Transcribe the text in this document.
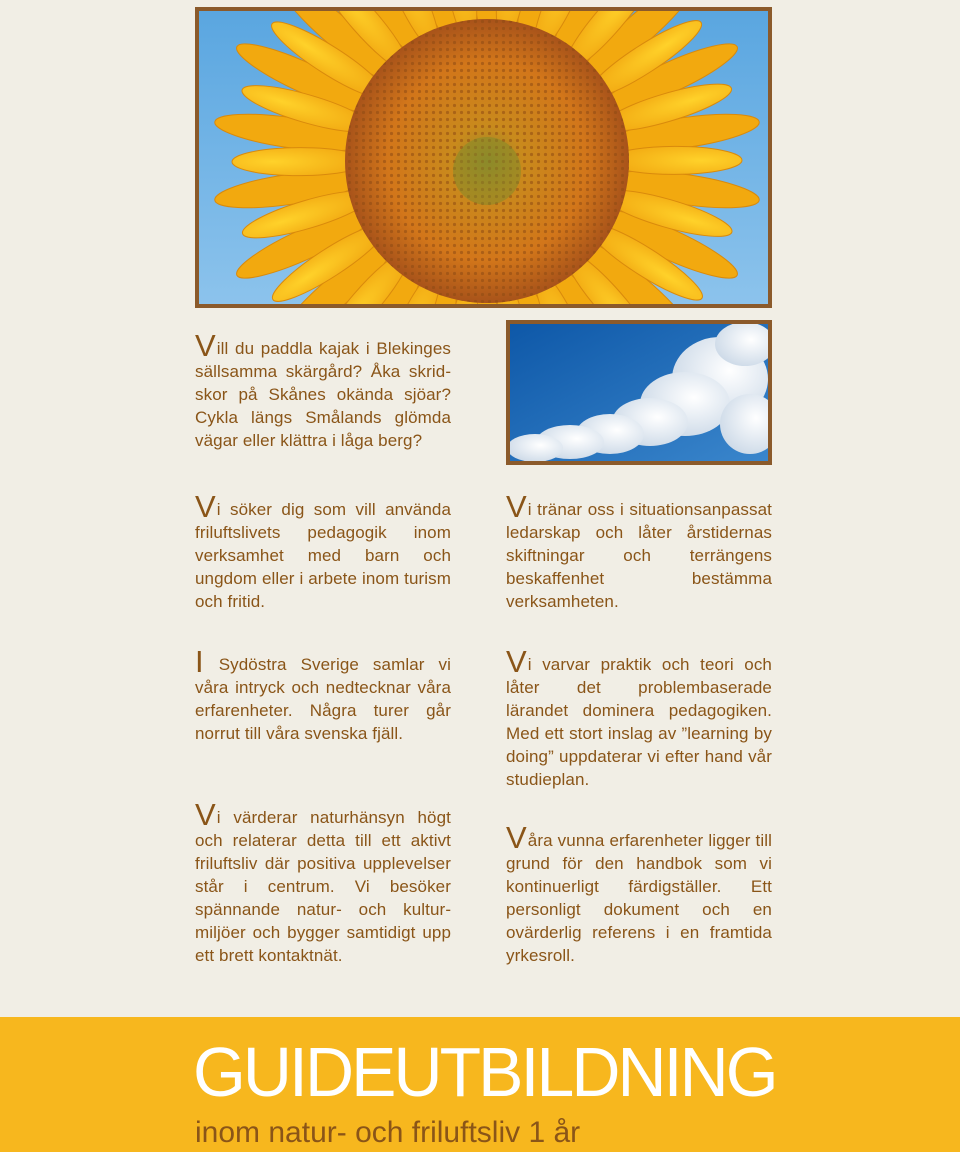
Vill du paddla kajak i Blekinges sällsamma skärgård? Åka skridskor på Skånes okända sjöar? Cykla längs Smålands glömda vägar eller klättra i låga berg?

Vi söker dig som vill använda friluftslivets pedagogik inom verksamhet med barn och ungdom eller i arbete inom turism och fritid.

I Sydöstra Sverige samlar vi våra intryck och nedtecknar våra erfarenheter. Några turer går norrut till våra svenska fjäll.

Vi värderar naturhänsyn högt och relaterar detta till ett aktivt friluftsliv där positiva upplevelser står i centrum. Vi besöker spännande natur- och kulturmiljöer och bygger samtidigt upp ett brett kontaktnät.

Vi tränar oss i situationsanpassat ledarskap och låter årstidernas skiftningar och terrängens beskaffenhet bestämma verksamheten.

Vi varvar praktik och teori och låter det problembaserade lärandet dominera pedagogiken. Med ett stort inslag av ”learning by doing” uppdaterar vi efter hand vår studieplan.

Våra vunna erfarenheter ligger till grund för den handbok som vi kontinuerligt färdigställer. Ett personligt dokument och en ovärderlig referens i en framtida yrkesroll.

GUIDEUTBILDNING
inom natur- och friluftsliv 1 år
